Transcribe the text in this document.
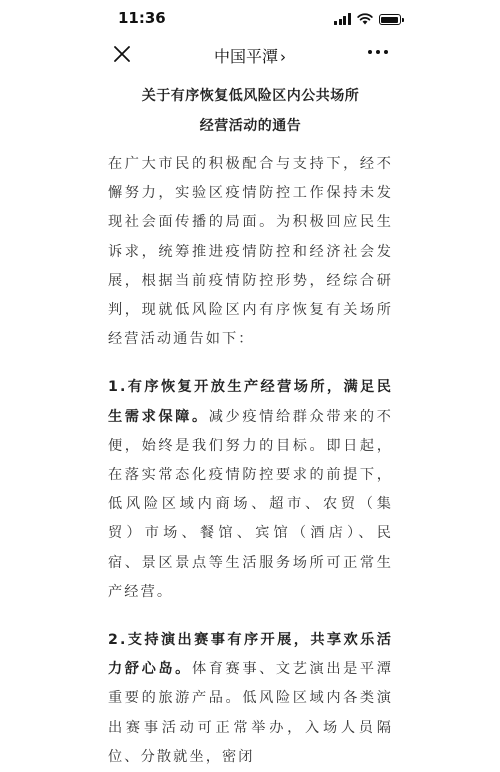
11:36
中国平潭 ›
关于有序恢复低风险区内公共场所
经营活动的通告

在广大市民的积极配合与支持下，经不懈努力，实验区疫情防控工作保持未发现社会面传播的局面。为积极回应民生诉求，统筹推进疫情防控和经济社会发展，根据当前疫情防控形势，经综合研判，现就低风险区内有序恢复有关场所经营活动通告如下：

1.有序恢复开放生产经营场所，满足民生需求保障。减少疫情给群众带来的不便，始终是我们努力的目标。即日起，在落实常态化疫情防控要求的前提下，低风险区域内商场、超市、农贸（集贸）市场、餐馆、宾馆（酒店）、民宿、景区景点等生活服务场所可正常生产经营。

2.支持演出赛事有序开展，共享欢乐活力舒心岛。体育赛事、文艺演出是平潭重要的旅游产品。低风险区域内各类演出赛事活动可正常举办，入场人员隔位、分散就坐，密闭
